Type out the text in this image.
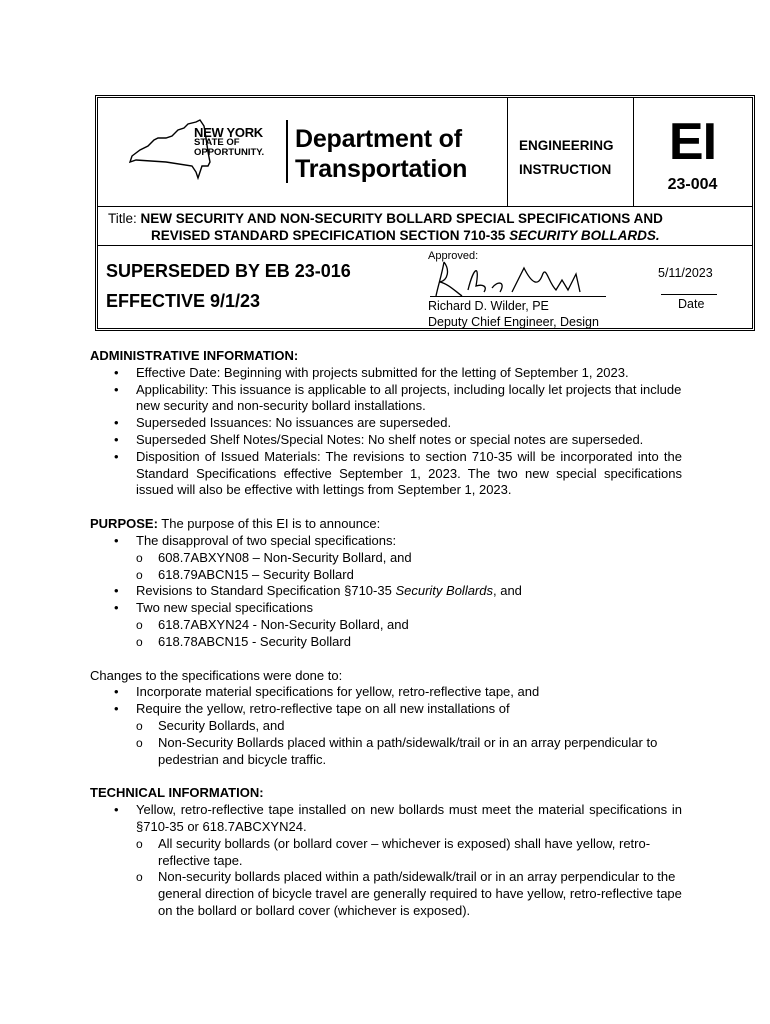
NEW YORK
STATE OF
OPPORTUNITY. Department of
Transportation
ENGINEERING
INSTRUCTION	EI
23-004
Title: NEW SECURITY AND NON-SECURITY BOLLARD SPECIAL SPECIFICATIONS AND
REVISED STANDARD SPECIFICATION SECTION 710-35 SECURITY BOLLARDS.
SUPERSEDED BY EB 23-016
EFFECTIVE 9/1/23
Approved:
Richard D. Wilder, PE
Deputy Chief Engineer, Design
5/11/2023
Date
ADMINISTRATIVE INFORMATION:
• Effective Date: Beginning with projects submitted for the letting of September 1, 2023.
• Applicability: This issuance is applicable to all projects, including locally let projects that include new security and non-security bollard installations.
• Superseded Issuances: No issuances are superseded.
• Superseded Shelf Notes/Special Notes: No shelf notes or special notes are superseded.
• Disposition of Issued Materials: The revisions to section 710-35 will be incorporated into the Standard Specifications effective September 1, 2023. The two new special specifications issued will also be effective with lettings from September 1, 2023.
PURPOSE: The purpose of this EI is to announce:
• The disapproval of two special specifications:
o 608.7ABXYN08 – Non-Security Bollard, and
o 618.79ABCN15 – Security Bollard
• Revisions to Standard Specification §710-35 Security Bollards, and
• Two new special specifications
o 618.7ABXYN24 - Non-Security Bollard, and
o 618.78ABCN15 - Security Bollard
Changes to the specifications were done to:
• Incorporate material specifications for yellow, retro-reflective tape, and
• Require the yellow, retro-reflective tape on all new installations of
o Security Bollards, and
o Non-Security Bollards placed within a path/sidewalk/trail or in an array perpendicular to pedestrian and bicycle traffic.
TECHNICAL INFORMATION:
• Yellow, retro-reflective tape installed on new bollards must meet the material specifications in §710-35 or 618.7ABCXYN24.
o All security bollards (or bollard cover – whichever is exposed) shall have yellow, retro-reflective tape.
o Non-security bollards placed within a path/sidewalk/trail or in an array perpendicular to the general direction of bicycle travel are generally required to have yellow, retro-reflective tape on the bollard or bollard cover (whichever is exposed).
